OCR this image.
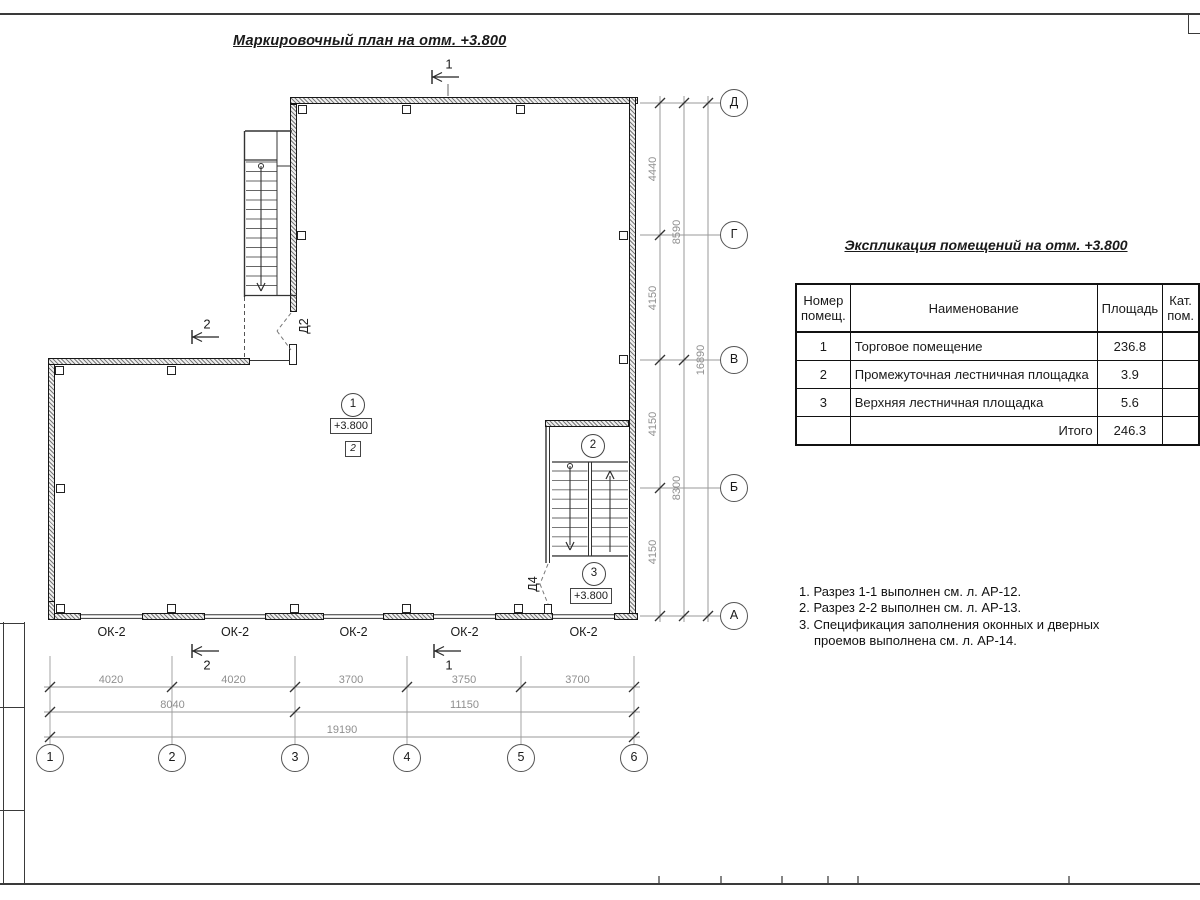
Маркировочный план на отм. +3.800
1
2
2	1
1
+3.800
2	2
3
+3.800
Д2
Д4
Экспликация помещений на отм. +3.800
Номер помещ.	Наименование	Площадь	Кат. пом.
1	Торговое помещение	236.8	
2	Промежуточная лестничная площадка	3.9	
3	Верхняя лестничная площадка	5.6	
	Итого	246.3	
1. Разрез 1-1 выполнен см. л. АР-12.
2. Разрез 2-2 выполнен см. л. АР-13.
3. Спецификация заполнения оконных и дверных проемов выполнена см. л. АР-14.
4020	4020	3700	3750	3700
8040	11150
19190
1	2	3	4	5	6
4440
4150
4150
4150
8590
8300
16890
Д
Г
В
Б
А
ОК-2	ОК-2	ОК-2	ОК-2	ОК-2
